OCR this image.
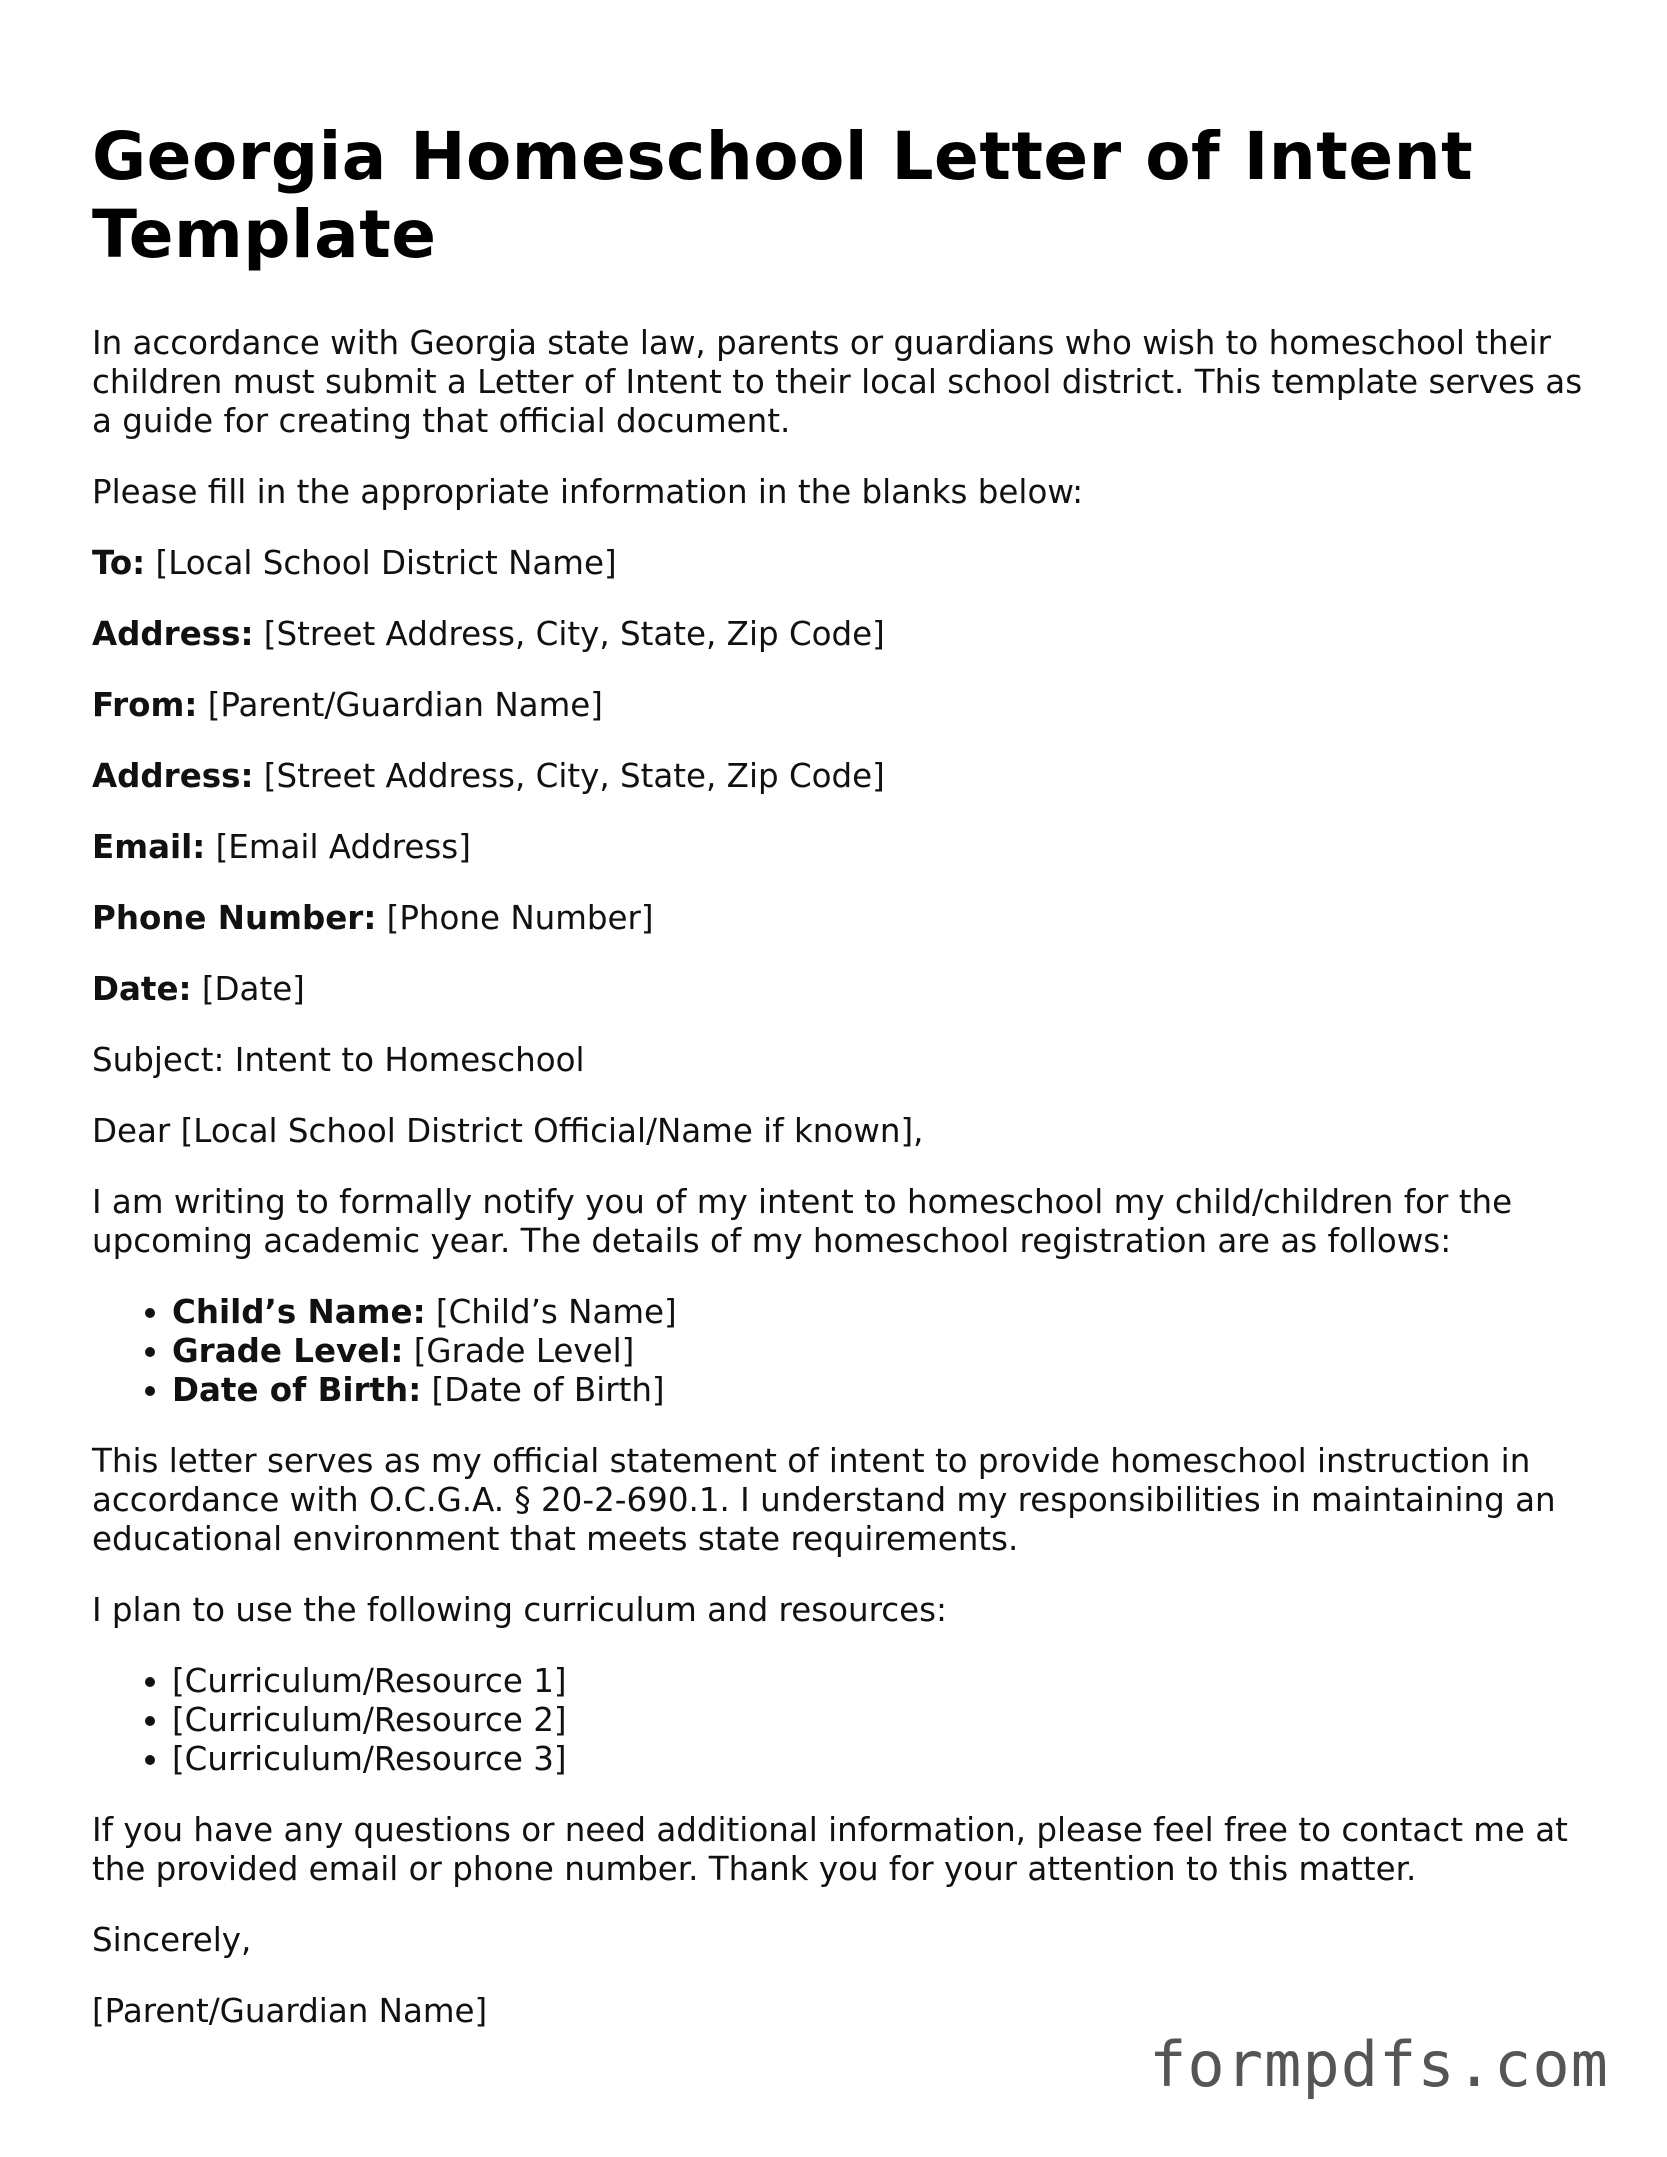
Georgia Homeschool Letter of Intent Template

In accordance with Georgia state law, parents or guardians who wish to homeschool their children must submit a Letter of Intent to their local school district. This template serves as a guide for creating that official document.

Please fill in the appropriate information in the blanks below:

To: [Local School District Name]

Address: [Street Address, City, State, Zip Code]

From: [Parent/Guardian Name]

Address: [Street Address, City, State, Zip Code]

Email: [Email Address]

Phone Number: [Phone Number]

Date: [Date]

Subject: Intent to Homeschool

Dear [Local School District Official/Name if known],

I am writing to formally notify you of my intent to homeschool my child/children for the upcoming academic year. The details of my homeschool registration are as follows:

• Child’s Name: [Child’s Name]
• Grade Level: [Grade Level]
• Date of Birth: [Date of Birth]

This letter serves as my official statement of intent to provide homeschool instruction in accordance with O.C.G.A. § 20-2-690.1. I understand my responsibilities in maintaining an educational environment that meets state requirements.

I plan to use the following curriculum and resources:

• [Curriculum/Resource 1]
• [Curriculum/Resource 2]
• [Curriculum/Resource 3]

If you have any questions or need additional information, please feel free to contact me at the provided email or phone number. Thank you for your attention to this matter.

Sincerely,

[Parent/Guardian Name]

formpdfs.com
